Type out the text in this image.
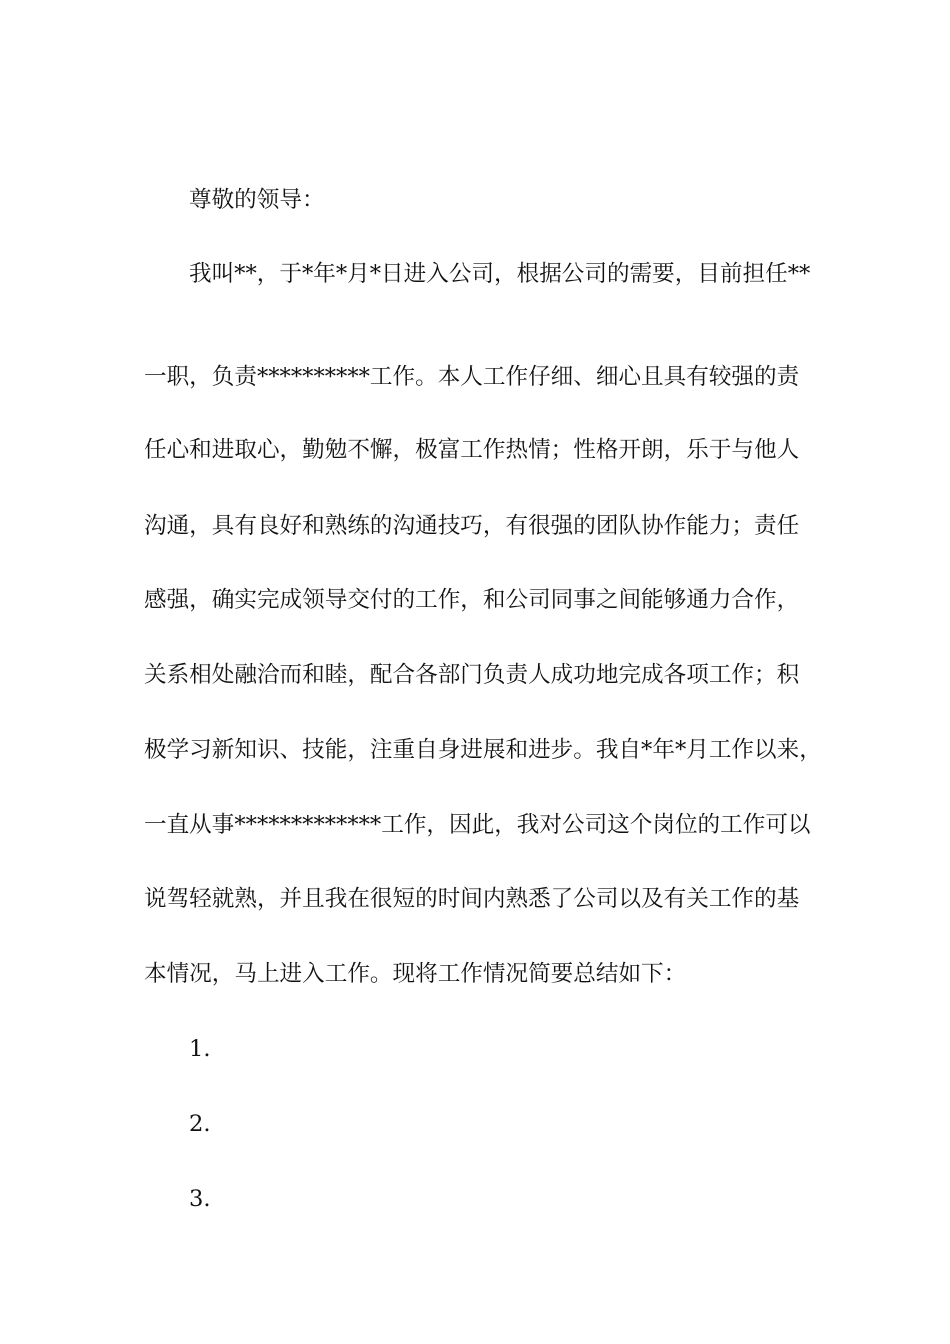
尊敬的领导：
我叫**，于*年*月*日进入公司，根据公司的需要，目前担任**
一职，负责**********工作。本人工作仔细、细心且具有较强的责
任心和进取心，勤勉不懈，极富工作热情；性格开朗，乐于与他人
沟通，具有良好和熟练的沟通技巧，有很强的团队协作能力；责任
感强，确实完成领导交付的工作，和公司同事之间能够通力合作，
关系相处融洽而和睦，配合各部门负责人成功地完成各项工作；积
极学习新知识、技能，注重自身进展和进步。我自*年*月工作以来，
一直从事*************工作，因此，我对公司这个岗位的工作可以
说驾轻就熟，并且我在很短的时间内熟悉了公司以及有关工作的基
本情况，马上进入工作。现将工作情况简要总结如下：
1.
2.
3.
